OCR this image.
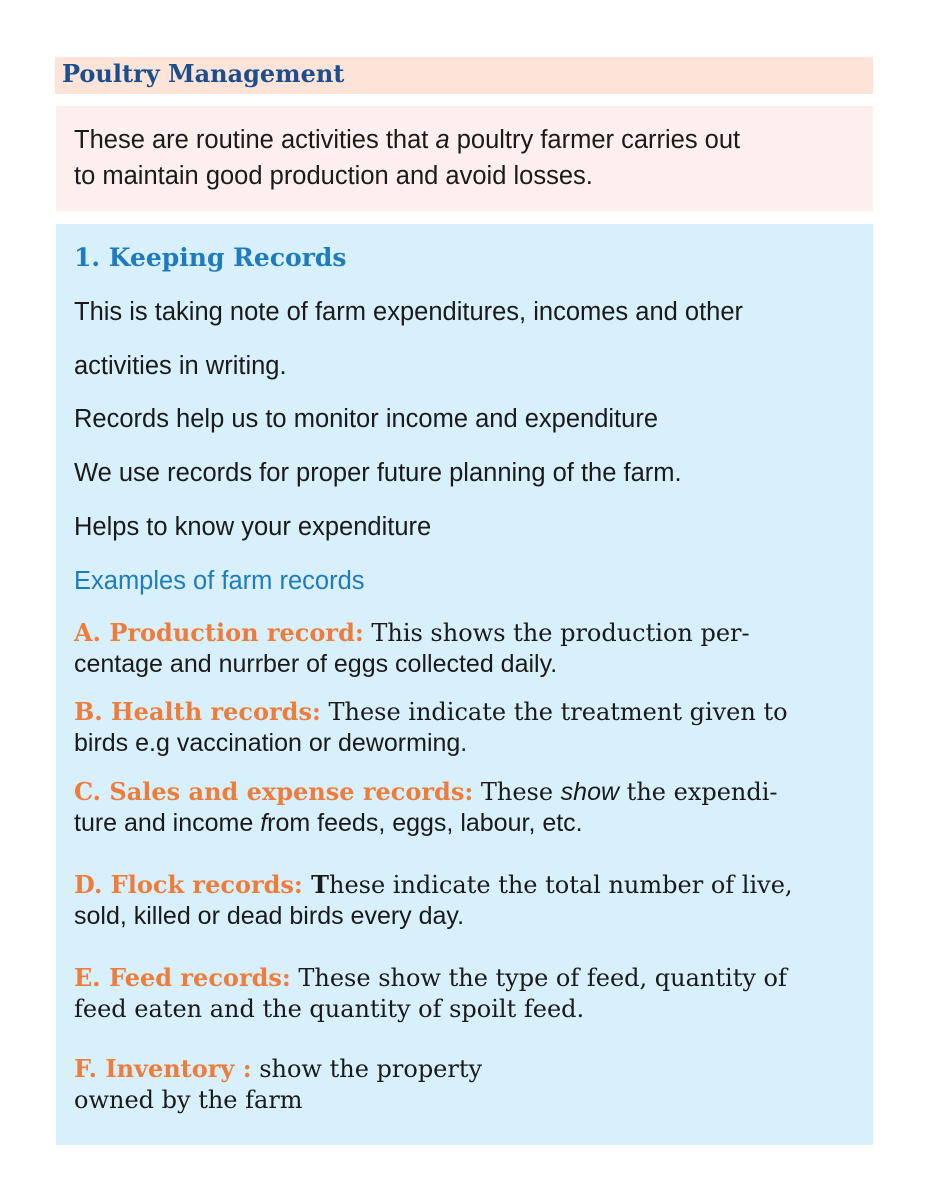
Poultry Management

These are routine activities that a poultry farmer carries out
to maintain good production and avoid losses.

1. Keeping Records

This is taking note of farm expenditures, incomes and other

activities in writing.

Records help us to monitor income and expenditure

We use records for proper future planning of the farm.

Helps to know your expenditure

Examples of farm records

A. Production record: This shows the production per-
centage and nurrber of eggs collected daily.

B. Health records: These indicate the treatment given to
birds e.g vaccination or deworming.

C. Sales and expense records: These show the expendi-
ture and income from feeds, eggs, labour, etc.

D. Flock records: These indicate the total number of live,
sold, killed or dead birds every day.

E. Feed records: These show the type of feed, quantity of
feed eaten and the quantity of spoilt feed.

F. Inventory : show the property
owned by the farm
